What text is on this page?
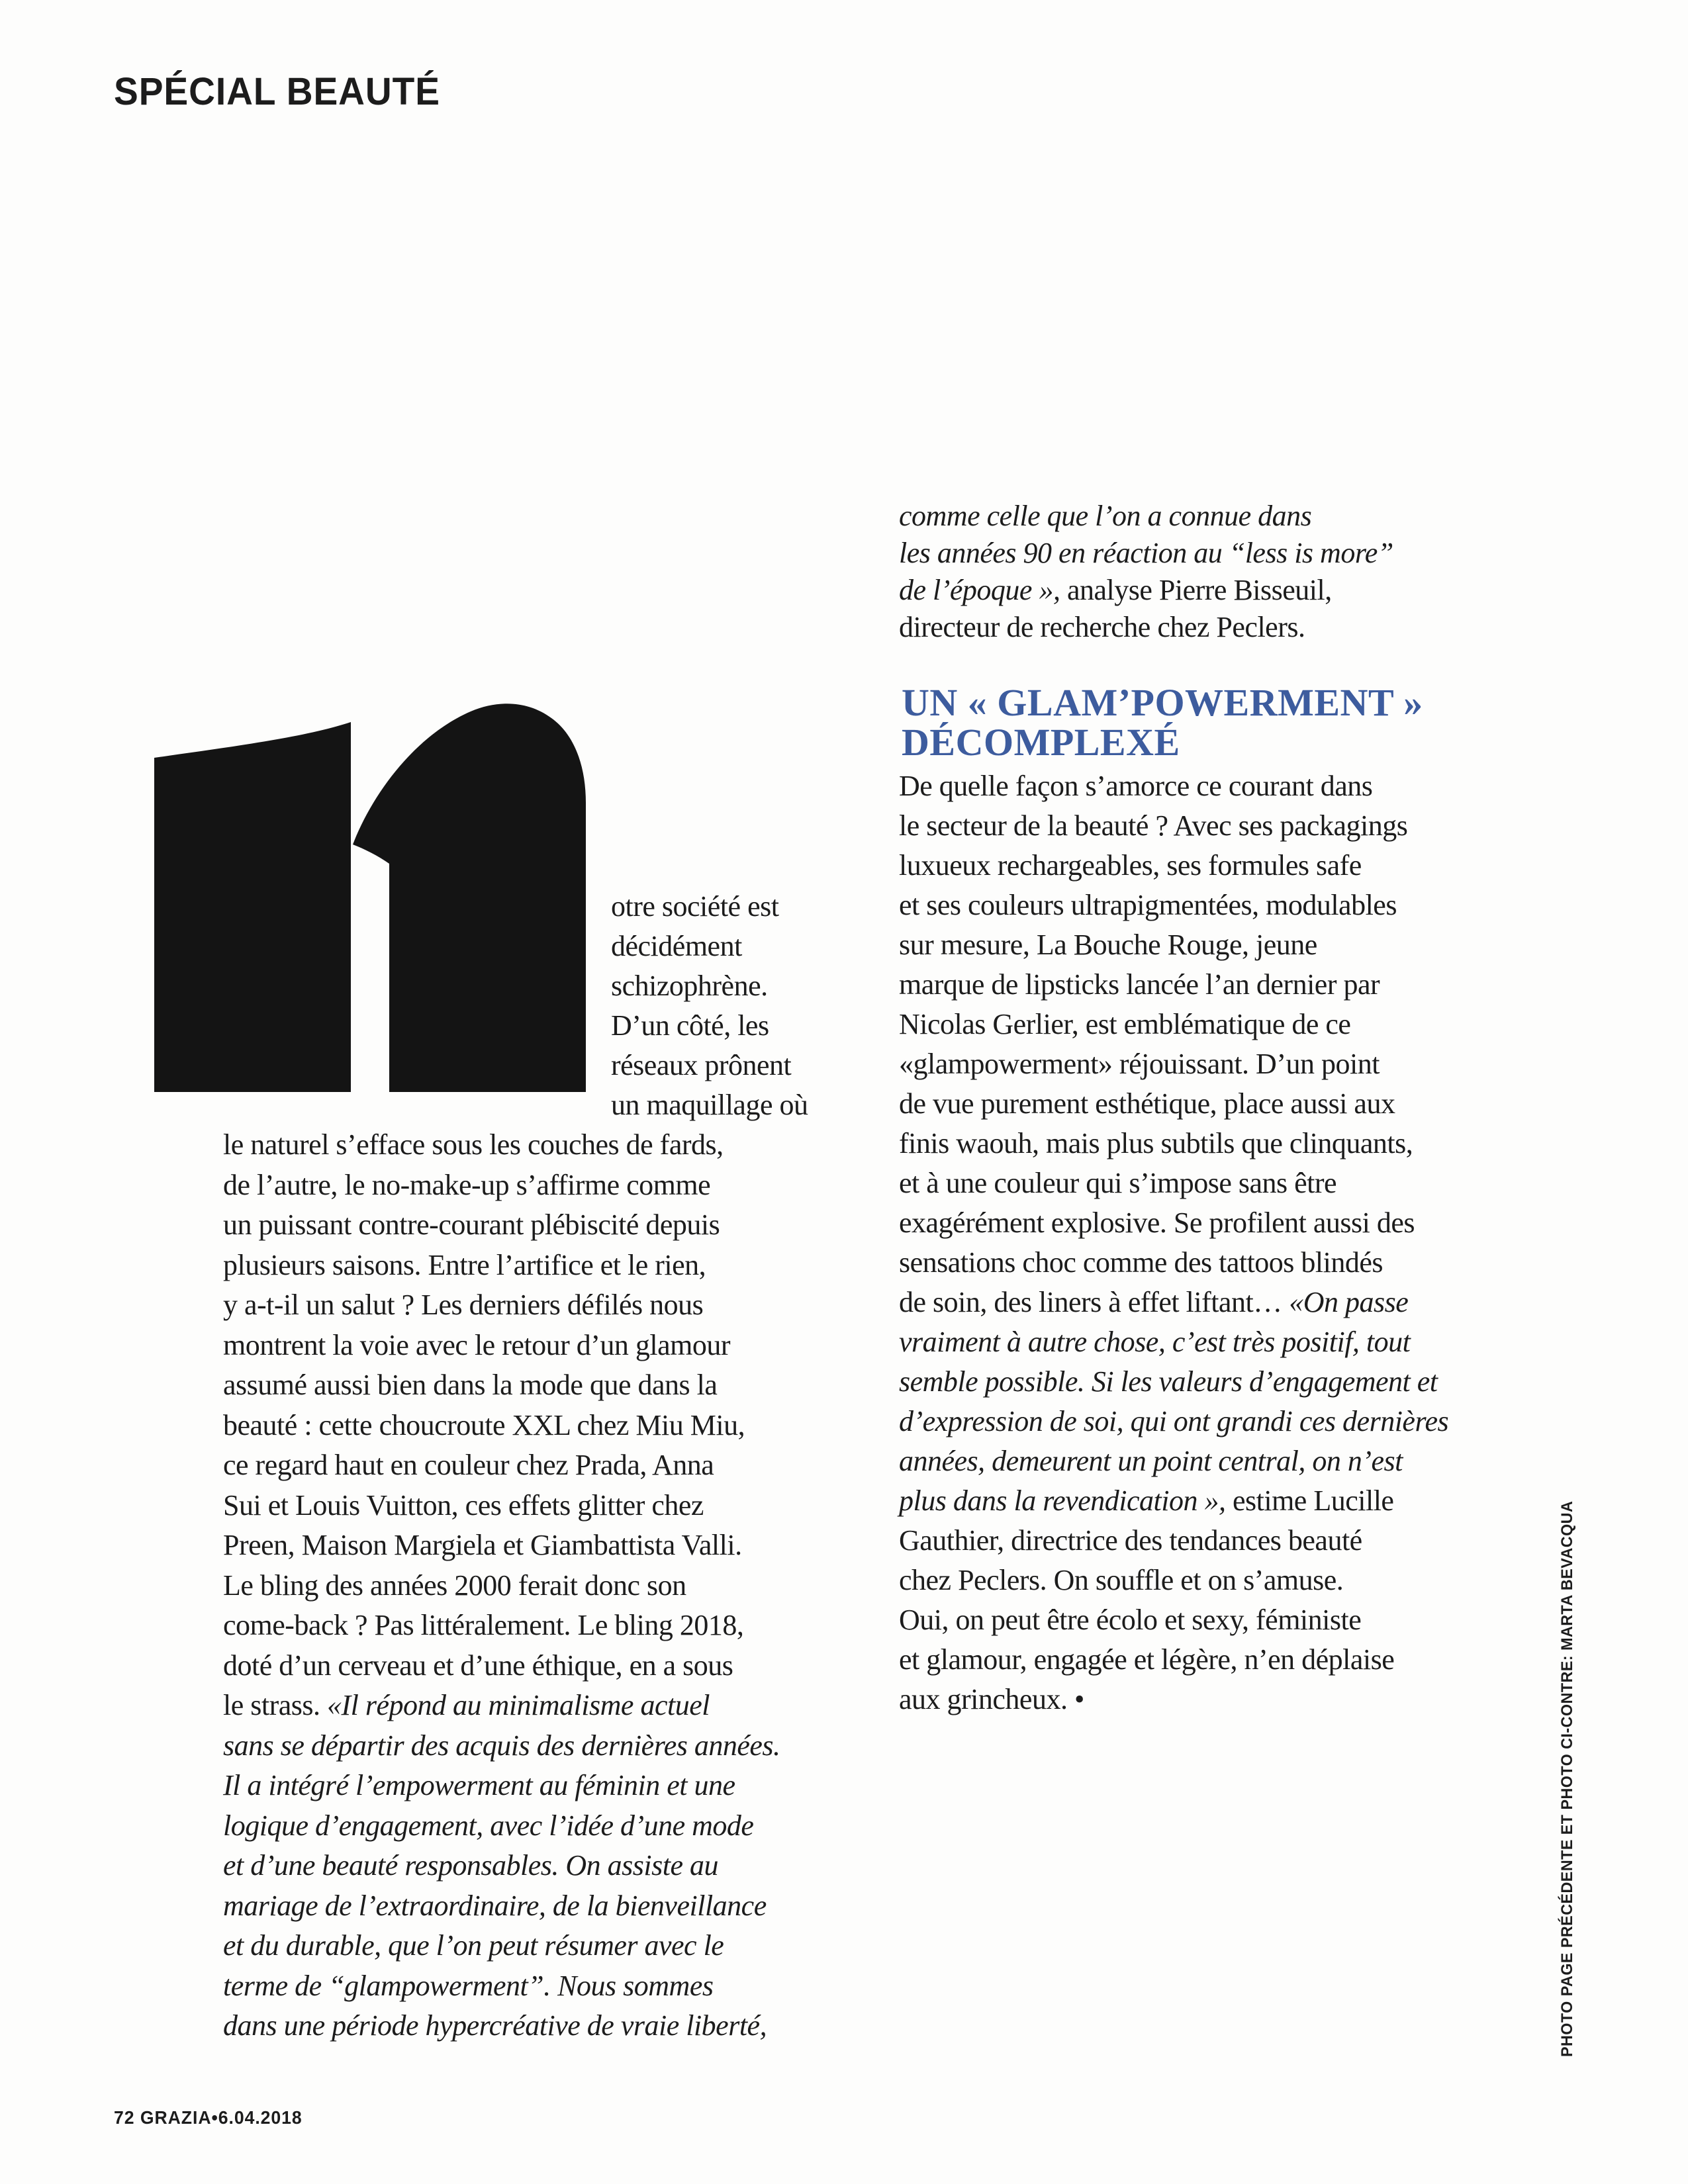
SPÉCIAL BEAUTÉ
otre société est
décidément
schizophrène.
D’un côté, les
réseaux prônent
un maquillage où
le naturel s’efface sous les couches de fards,
de l’autre, le no-make-up s’affirme comme
un puissant contre-courant plébiscité depuis
plusieurs saisons. Entre l’artifice et le rien,
y a-t-il un salut ? Les derniers défilés nous
montrent la voie avec le retour d’un glamour
assumé aussi bien dans la mode que dans la
beauté : cette choucroute XXL chez Miu Miu,
ce regard haut en couleur chez Prada, Anna
Sui et Louis Vuitton, ces effets glitter chez
Preen, Maison Margiela et Giambattista Valli.
Le bling des années 2000 ferait donc son
come-back ? Pas littéralement. Le bling 2018,
doté d’un cerveau et d’une éthique, en a sous
le strass. «Il répond au minimalisme actuel
sans se départir des acquis des dernières années.
Il a intégré l’empowerment au féminin et une
logique d’engagement, avec l’idée d’une mode
et d’une beauté responsables. On assiste au
mariage de l’extraordinaire, de la bienveillance
et du durable, que l’on peut résumer avec le
terme de “glampowerment”. Nous sommes
dans une période hypercréative de vraie liberté,
comme celle que l’on a connue dans
les années 90 en réaction au “less is more”
de l’époque », analyse Pierre Bisseuil,
directeur de recherche chez Peclers.
UN « GLAM’POWERMENT »
DÉCOMPLEXÉ
De quelle façon s’amorce ce courant dans
le secteur de la beauté ? Avec ses packagings
luxueux rechargeables, ses formules safe
et ses couleurs ultrapigmentées, modulables
sur mesure, La Bouche Rouge, jeune
marque de lipsticks lancée l’an dernier par
Nicolas Gerlier, est emblématique de ce
«glampowerment» réjouissant. D’un point
de vue purement esthétique, place aussi aux
finis waouh, mais plus subtils que clinquants,
et à une couleur qui s’impose sans être
exagérément explosive. Se profilent aussi des
sensations choc comme des tattoos blindés
de soin, des liners à effet liftant… «On passe
vraiment à autre chose, c’est très positif, tout
semble possible. Si les valeurs d’engagement et
d’expression de soi, qui ont grandi ces dernières
années, demeurent un point central, on n’est
plus dans la revendication », estime Lucille
Gauthier, directrice des tendances beauté
chez Peclers. On souffle et on s’amuse.
Oui, on peut être écolo et sexy, féministe
et glamour, engagée et légère, n’en déplaise
aux grincheux. •	PHOTO PAGE PRÉCÉDENTE ET PHOTO CI-CONTRE: MARTA BEVACQUA
72 GRAZIA•6.04.2018
